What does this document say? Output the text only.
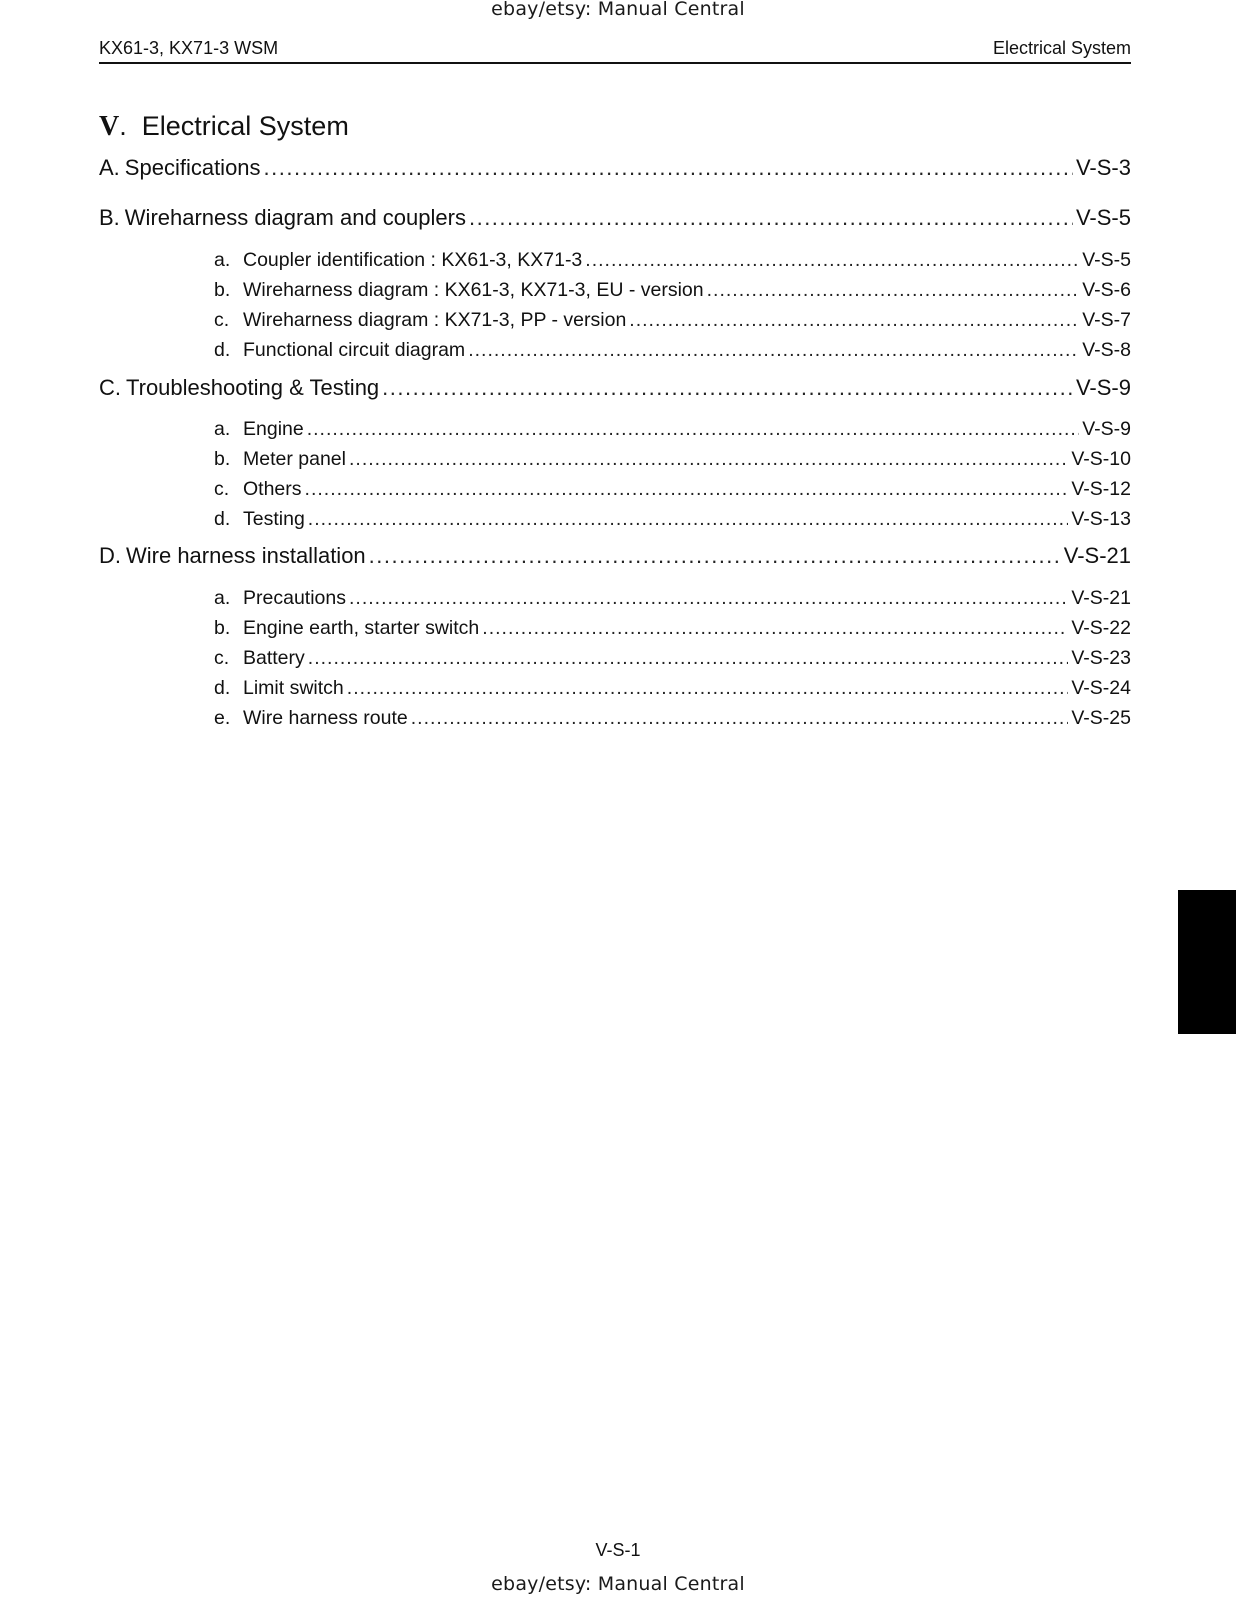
ebay/etsy: Manual Central
KX61-3, KX71-3 WSM	Electrical System
V. Electrical System
A. Specifications .....	V-S-3
B. Wireharness diagram and couplers .....	V-S-5
a. Coupler identification : KX61-3, KX71-3 .....	V-S-5
b. Wireharness diagram : KX61-3, KX71-3, EU - version .....	V-S-6
c. Wireharness diagram : KX71-3, PP - version .....	V-S-7
d. Functional circuit diagram .....	V-S-8
C. Troubleshooting & Testing .....	V-S-9
a. Engine .....	V-S-9
b. Meter panel .....	V-S-10
c. Others .....	V-S-12
d. Testing .....	V-S-13
D. Wire harness installation .....	V-S-21
a. Precautions .....	V-S-21
b. Engine earth, starter switch .....	V-S-22
c. Battery .....	V-S-23
d. Limit switch .....	V-S-24
e. Wire harness route .....	V-S-25
V-S-1
ebay/etsy: Manual Central
